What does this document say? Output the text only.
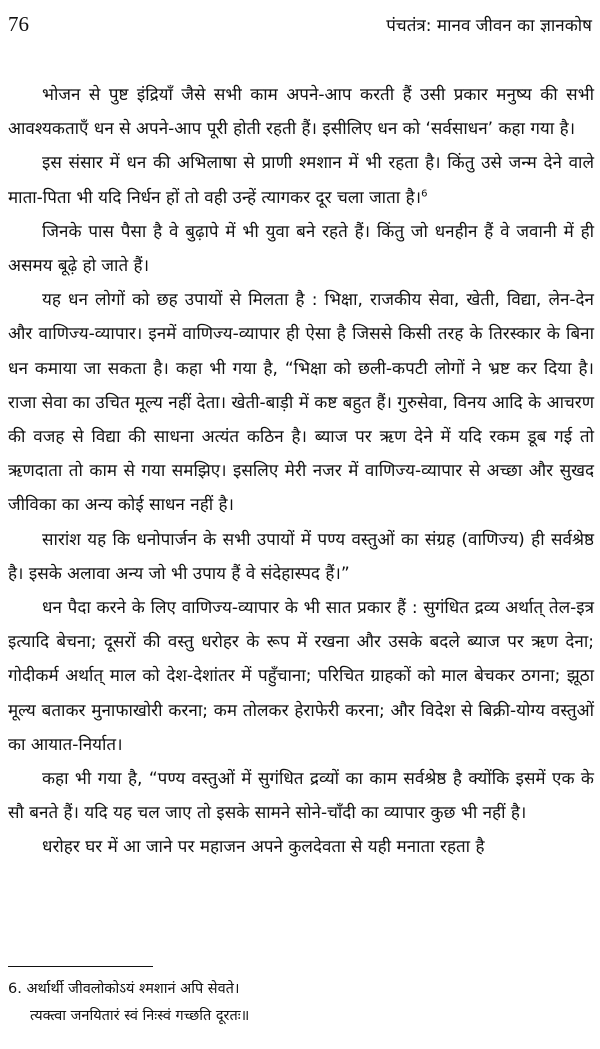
76	पंचतंत्र: मानव जीवन का ज्ञानकोष

भोजन से पुष्ट इंद्रियाँ जैसे सभी काम अपने-आप करती हैं उसी प्रकार मनुष्य की सभी आवश्यकताएँ धन से अपने-आप पूरी होती रहती हैं। इसीलिए धन को ‘सर्वसाधन’ कहा गया है।

इस संसार में धन की अभिलाषा से प्राणी श्मशान में भी रहता है। किंतु उसे जन्म देने वाले माता-पिता भी यदि निर्धन हों तो वही उन्हें त्यागकर दूर चला जाता है।$^6$

जिनके पास पैसा है वे बुढ़ापे में भी युवा बने रहते हैं। किंतु जो धनहीन हैं वे जवानी में ही असमय बूढ़े हो जाते हैं।

यह धन लोगों को छह उपायों से मिलता है : भिक्षा, राजकीय सेवा, खेती, विद्या, लेन-देन और वाणिज्य-व्यापार। इनमें वाणिज्य-व्यापार ही ऐसा है जिससे किसी तरह के तिरस्कार के बिना धन कमाया जा सकता है। कहा भी गया है, “भिक्षा को छली-कपटी लोगों ने भ्रष्ट कर दिया है। राजा सेवा का उचित मूल्य नहीं देता। खेती-बाड़ी में कष्ट बहुत हैं। गुरुसेवा, विनय आदि के आचरण की वजह से विद्या की साधना अत्यंत कठिन है। ब्याज पर ऋण देने में यदि रकम डूब गई तो ऋणदाता तो काम से गया समझिए। इसलिए मेरी नजर में वाणिज्य-व्यापार से अच्छा और सुखद जीविका का अन्य कोई साधन नहीं है।

सारांश यह कि धनोपार्जन के सभी उपायों में पण्य वस्तुओं का संग्रह (वाणिज्य) ही सर्वश्रेष्ठ है। इसके अलावा अन्य जो भी उपाय हैं वे संदेहास्पद हैं।”

धन पैदा करने के लिए वाणिज्य-व्यापार के भी सात प्रकार हैं : सुगंधित द्रव्य अर्थात् तेल-इत्र इत्यादि बेचना; दूसरों की वस्तु धरोहर के रूप में रखना और उसके बदले ब्याज पर ऋण देना; गोदीकर्म अर्थात् माल को देश-देशांतर में पहुँचाना; परिचित ग्राहकों को माल बेचकर ठगना; झूठा मूल्य बताकर मुनाफाखोरी करना; कम तोलकर हेराफेरी करना; और विदेश से बिक्री-योग्य वस्तुओं का आयात-निर्यात।

कहा भी गया है, “पण्य वस्तुओं में सुगंधित द्रव्यों का काम सर्वश्रेष्ठ है क्योंकि इसमें एक के सौ बनते हैं। यदि यह चल जाए तो इसके सामने सोने-चाँदी का व्यापार कुछ भी नहीं है।

धरोहर घर में आ जाने पर महाजन अपने कुलदेवता से यही मनाता रहता है

6. अर्थार्थी जीवलोकोऽयं श्मशानं अपि सेवते।

त्यक्त्वा जनयितारं स्वं निःस्वं गच्छति दूरतः॥
